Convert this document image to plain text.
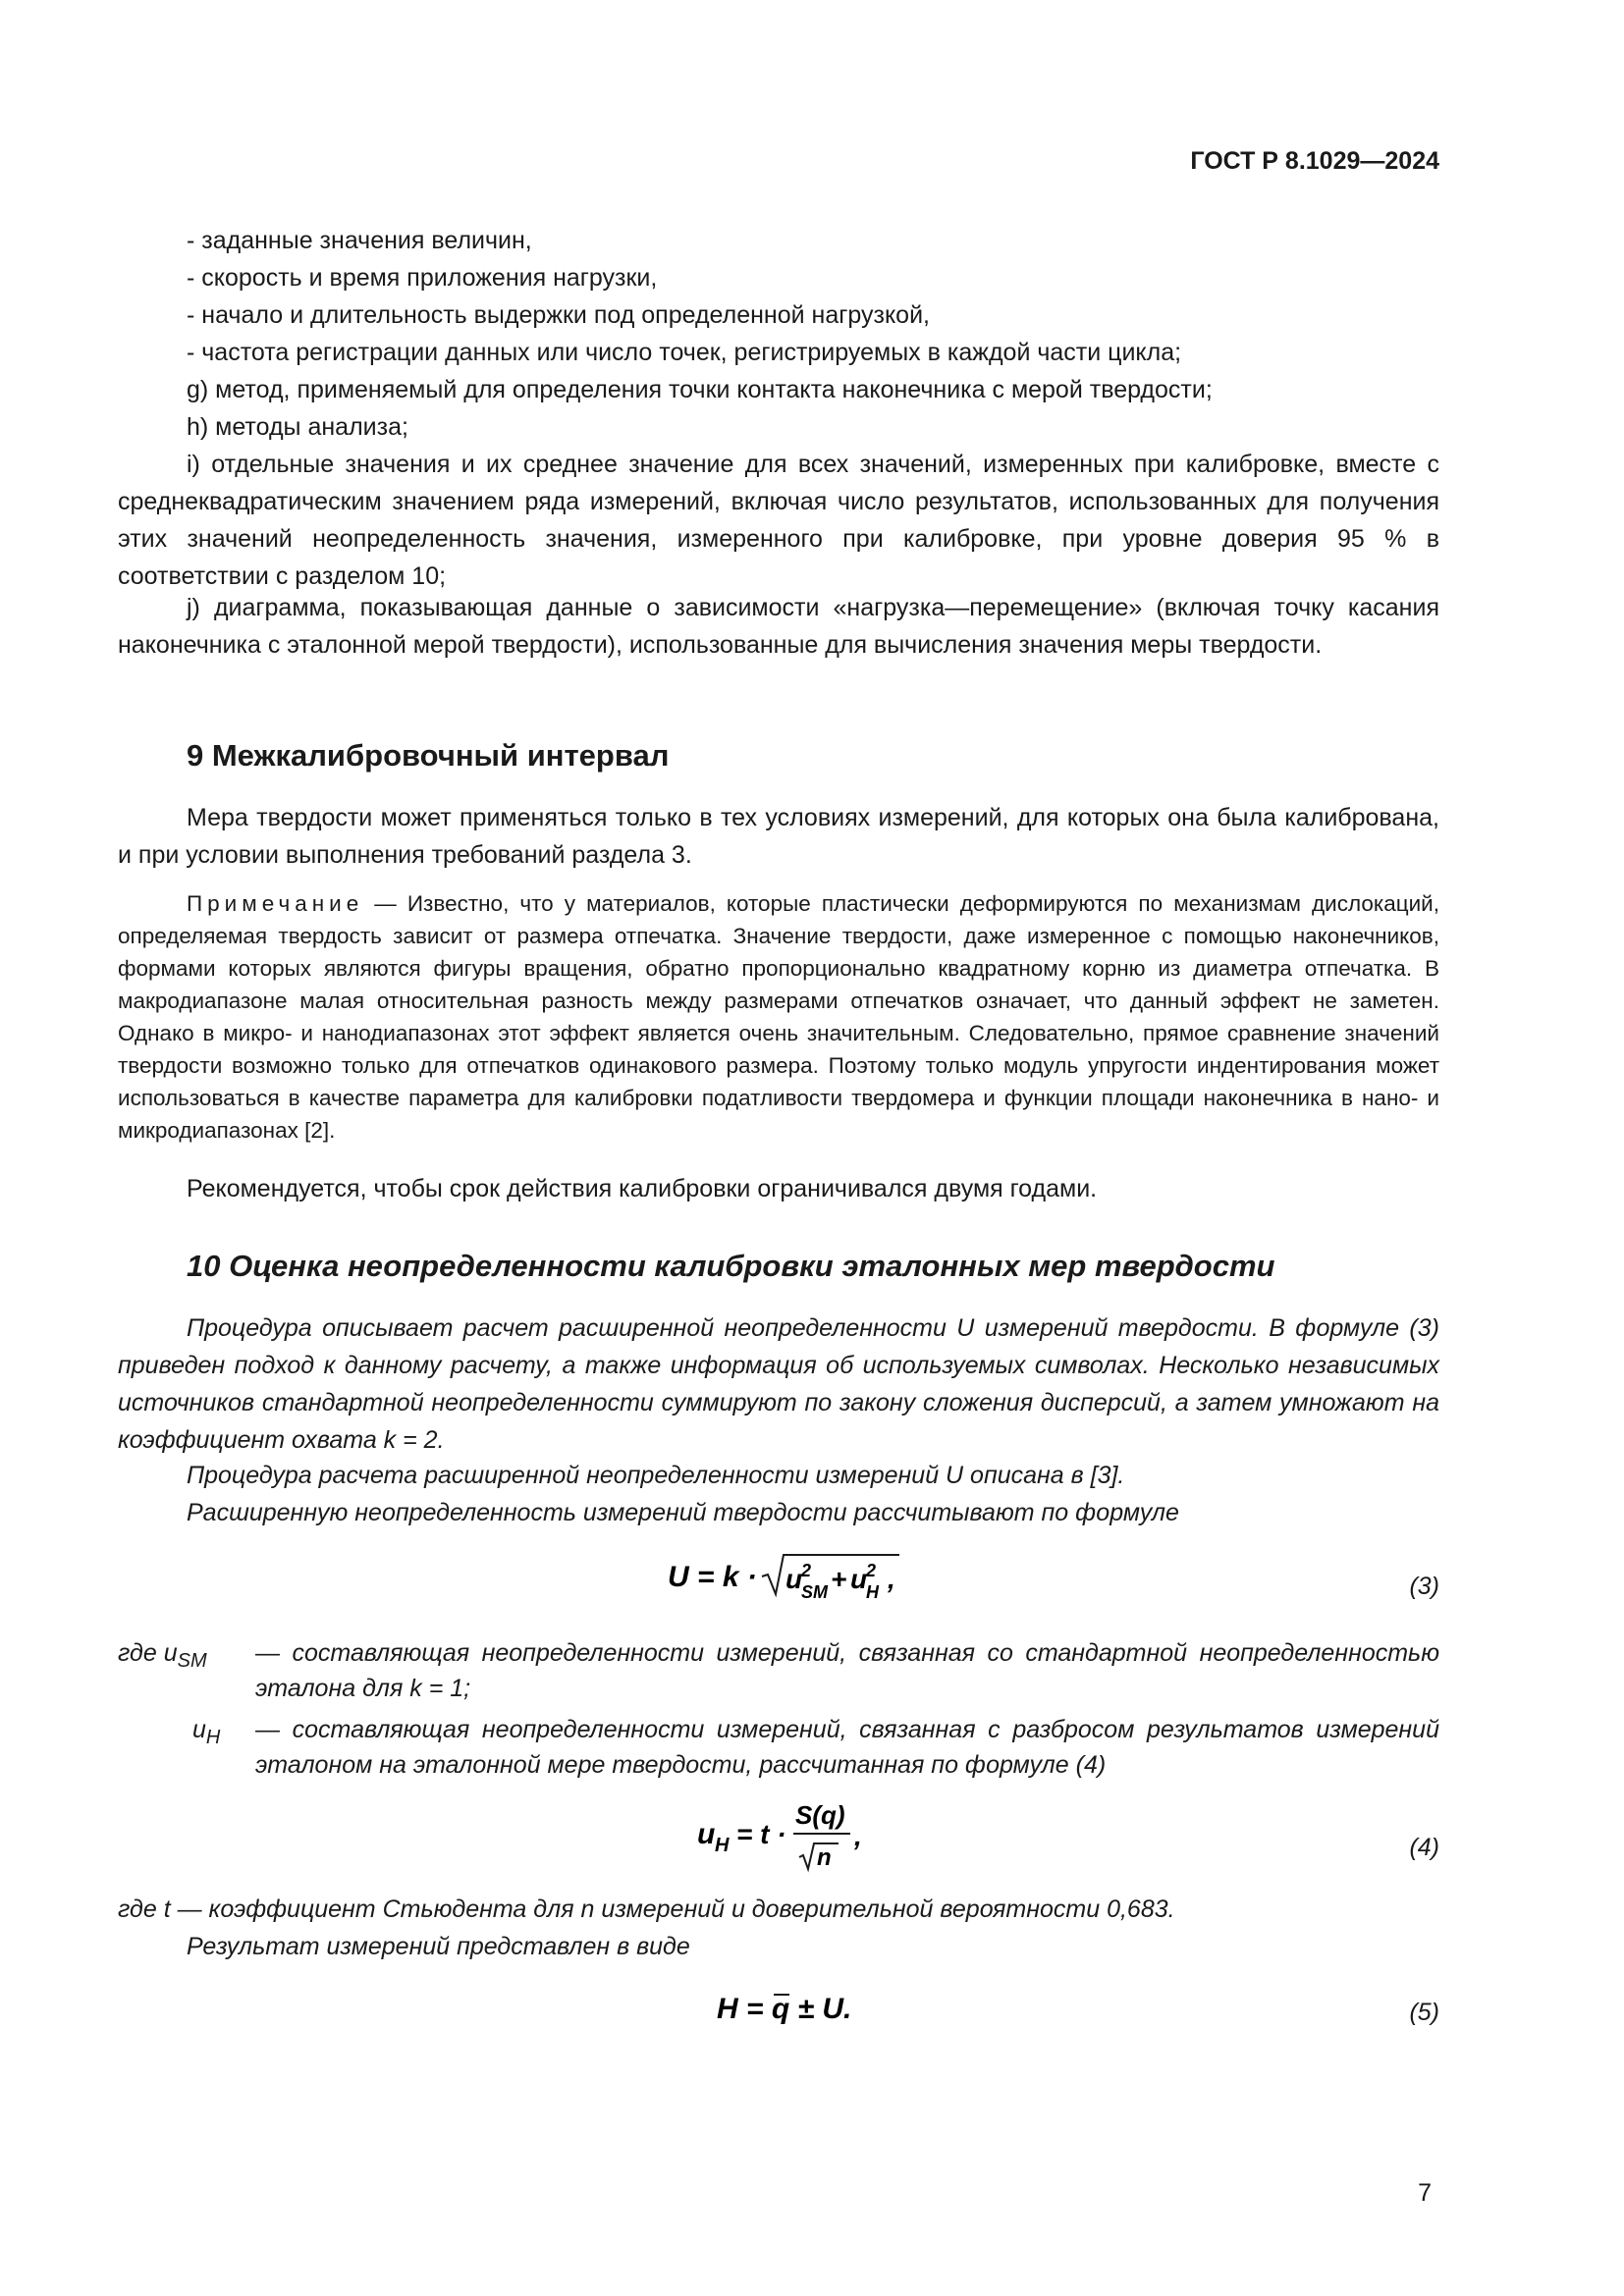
ГОСТ Р 8.1029—2024
- заданные значения величин,
- скорость и время приложения нагрузки,
- начало и длительность выдержки под определенной нагрузкой,
- частота регистрации данных или число точек, регистрируемых в каждой части цикла;
g) метод, применяемый для определения точки контакта наконечника с мерой твердости;
h) методы анализа;

i) отдельные значения и их среднее значение для всех значений, измеренных при калибровке, вместе с среднеквадратическим значением ряда измерений, включая число результатов, использованных для получения этих значений неопределенность значения, измеренного при калибровке, при уровне доверия 95 % в соответствии с разделом 10;

j) диаграмма, показывающая данные о зависимости «нагрузка—перемещение» (включая точку касания наконечника с эталонной мерой твердости), использованные для вычисления значения меры твердости.

9 Межкалибровочный интервал

Мера твердости может применяться только в тех условиях измерений, для которых она была калибрована, и при условии выполнения требований раздела 3.

Примечание — Известно, что у материалов, которые пластически деформируются по механизмам дислокаций, определяемая твердость зависит от размера отпечатка. Значение твердости, даже измеренное с помощью наконечников, формами которых являются фигуры вращения, обратно пропорционально квадратному корню из диаметра отпечатка. В макродиапазоне малая относительная разность между размерами отпечатков означает, что данный эффект не заметен. Однако в микро- и нанодиапазонах этот эффект является очень значительным. Следовательно, прямое сравнение значений твердости возможно только для отпечатков одинакового размера. Поэтому только модуль упругости индентирования может использоваться в качестве параметра для калибровки податливости твердомера и функции площади наконечника в нано- и микродиапазонах [2].

Рекомендуется, чтобы срок действия калибровки ограничивался двумя годами.

10 Оценка неопределенности калибровки эталонных мер твердости

Процедура описывает расчет расширенной неопределенности U измерений твердости. В формуле (3) приведен подход к данному расчету, а также информация об используемых символах. Несколько независимых источников стандартной неопределенности суммируют по закону сложения дисперсий, а затем умножают на коэффициент охвата k = 2.

Процедура расчета расширенной неопределенности измерений U описана в [3].

Расширенную неопределенность измерений твердости рассчитывают по формуле

U = k · u
2
SM + u
2
H ,	(3)
где $u_{SM}$ — составляющая неопределенности измерений, связанная со стандартной неопределенностью эталона для k = 1;
$u_H$ — составляющая неопределенности измерений, связанная с разбросом результатов измерений эталоном на эталонной мере твердости, рассчитанная по формуле (4)
u H = t ·
S(q)
n
,	(4)

где t — коэффициент Стьюдента для n измерений и доверительной вероятности 0,683.

Результат измерений представлен в виде

H = q ± U.	(5)
7
